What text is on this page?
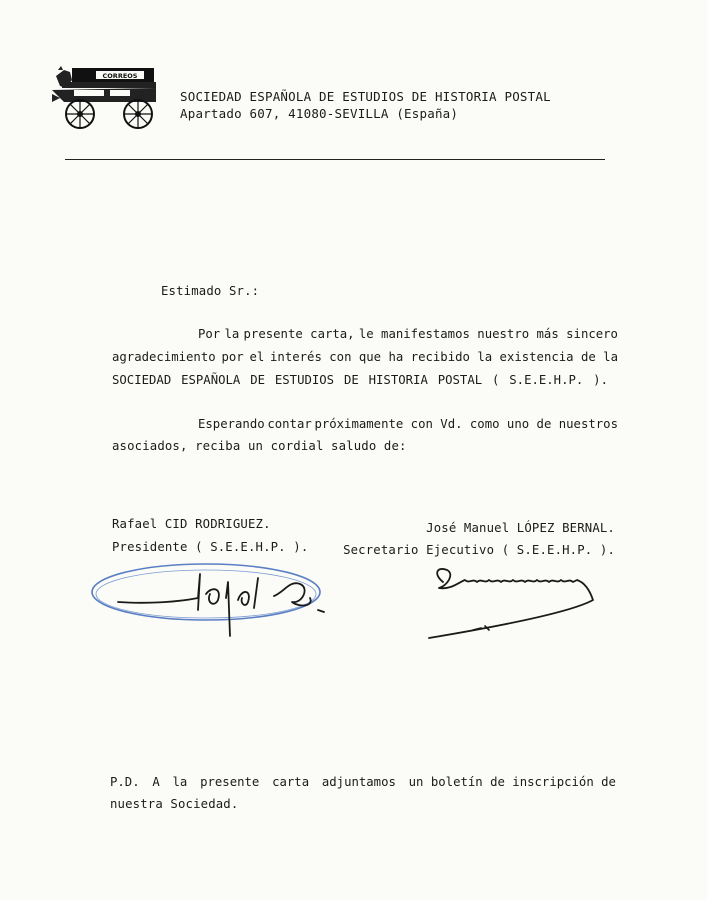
CORREOS
SOCIEDAD ESPAÑOLA DE ESTUDIOS DE HISTORIA POSTAL
Apartado 607, 41080-SEVILLA (España)
Estimado Sr.:
Por la presente carta, le manifestamos nuestro más sincero
agradecimiento por el interés con que ha recibido la existencia de la
SOCIEDAD ESPAÑOLA DE ESTUDIOS DE HISTORIA POSTAL ( S.E.E.H.P. ).
Esperando contar próximamente con Vd. como uno de nuestros
asociados, reciba un cordial saludo de:
Rafael CID RODRIGUEZ.
Presidente ( S.E.E.H.P. ).
José Manuel LÓPEZ BERNAL.
Secretario Ejecutivo ( S.E.E.H.P. ).
P.D. A la presente carta adjuntamos un boletín de inscripción de
nuestra Sociedad.
